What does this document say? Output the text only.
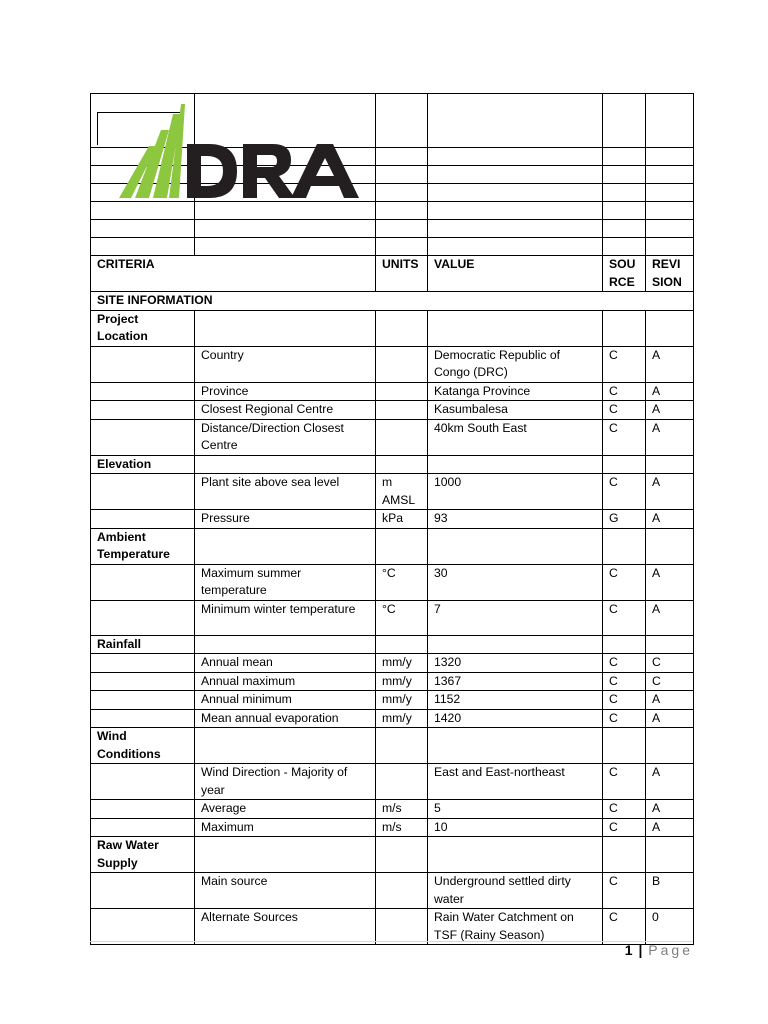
CRITERIA		UNITS	VALUE	SOU RCE	REVI SION
SITE INFORMATION					
Project Location					
	Country		Democratic Republic of Congo (DRC)	C	A
	Province		Katanga Province	C	A
	Closest Regional Centre		Kasumbalesa	C	A
	Distance/Direction Closest Centre		40km South East	C	A
Elevation					
	Plant site above sea level	m AMSL	1000	C	A
	Pressure	kPa	93	G	A
Ambient Temperature					
	Maximum summer temperature	°C	30	C	A
	Minimum winter temperature	°C	7	C	A
Rainfall					
	Annual mean	mm/y	1320	C	C
	Annual maximum	mm/y	1367	C	C
	Annual minimum	mm/y	1152	C	A
	Mean annual evaporation	mm/y	1420	C	A
Wind Conditions					
	Wind Direction - Majority of year		East and East-northeast	C	A
	Average	m/s	5	C	A
	Maximum	m/s	10	C	A
Raw Water Supply					
	Main source		Underground settled dirty water	C	B
	Alternate Sources		Rain Water Catchment on TSF (Rainy Season)	C	0
DRA
1 | Page
